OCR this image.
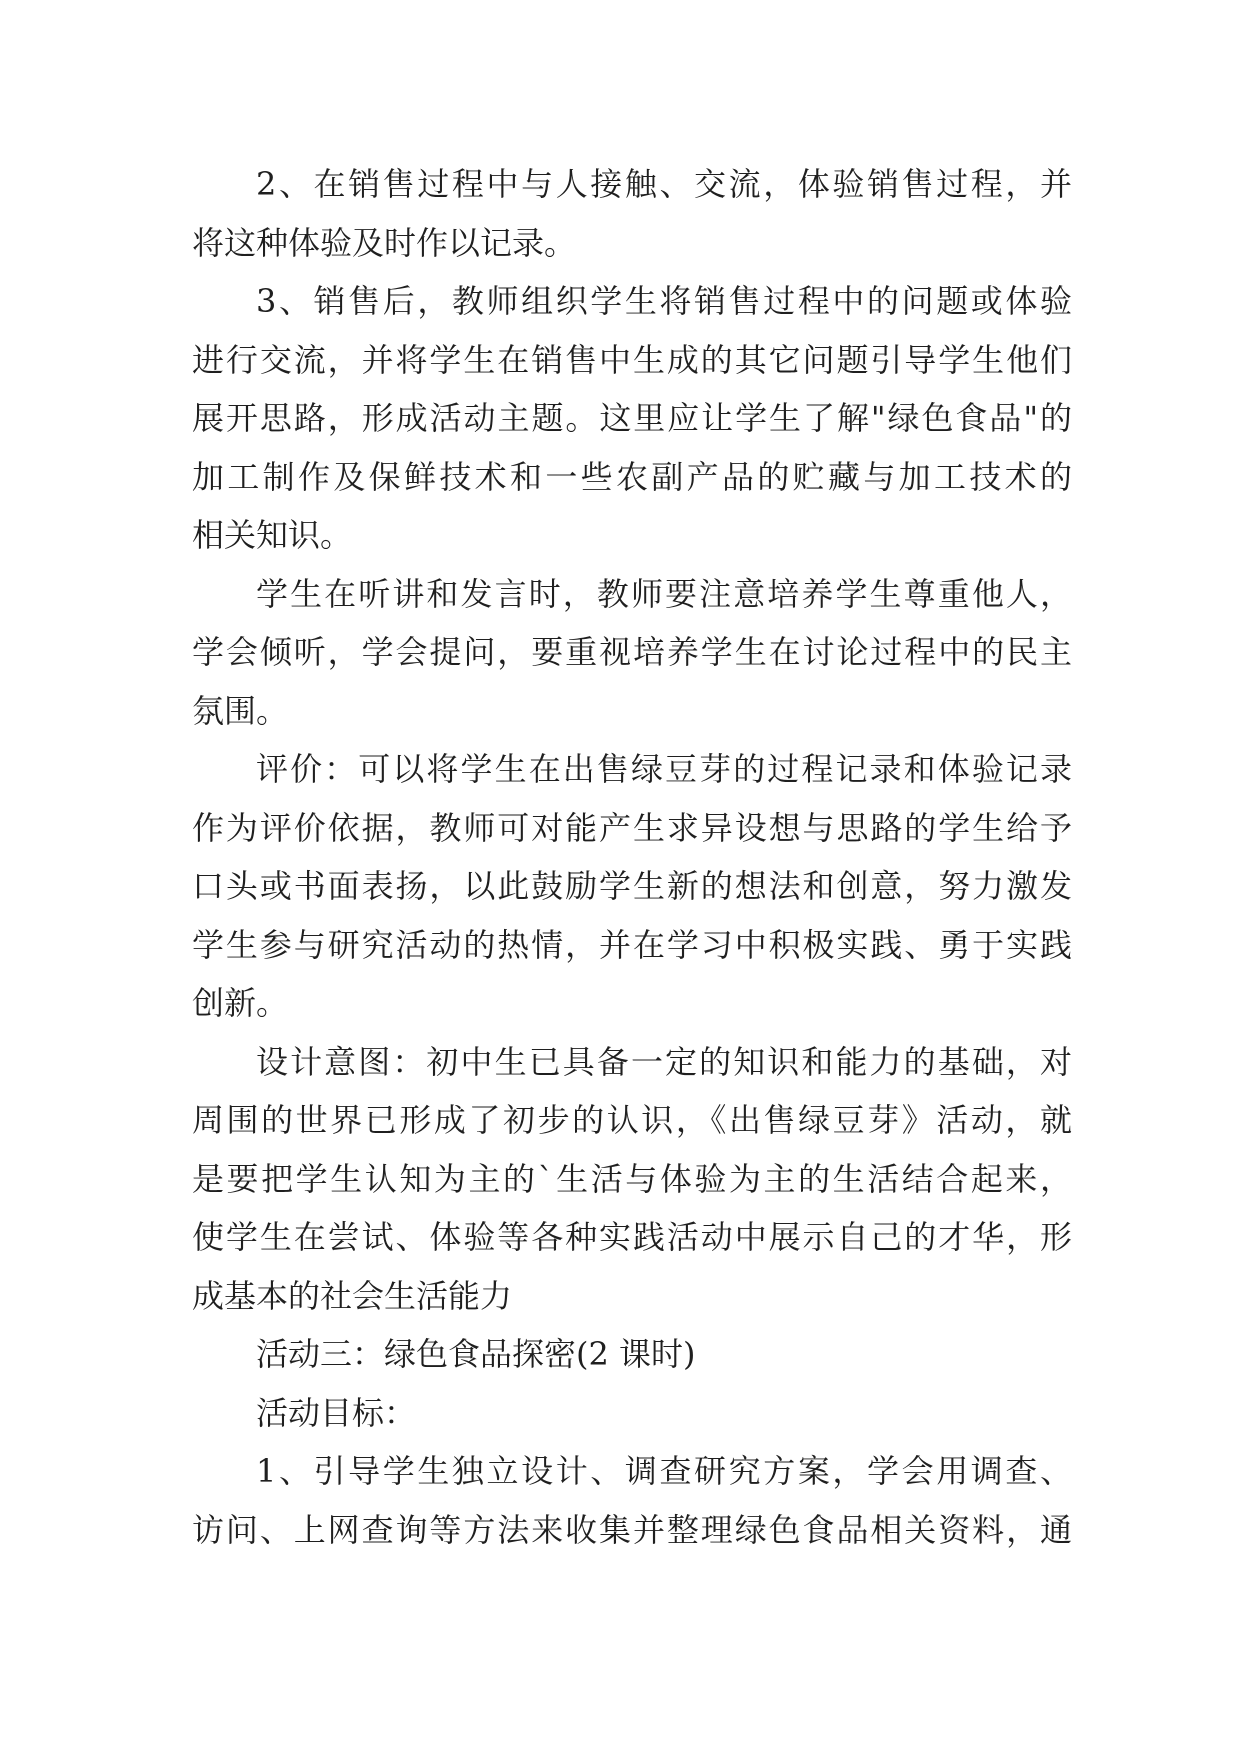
2、在销售过程中与人接触、交流，体验销售过程，并
将这种体验及时作以记录。
3、销售后，教师组织学生将销售过程中的问题或体验
进行交流，并将学生在销售中生成的其它问题引导学生他们
展开思路，形成活动主题。这里应让学生了解"绿色食品"的
加工制作及保鲜技术和一些农副产品的贮藏与加工技术的
相关知识。
学生在听讲和发言时，教师要注意培养学生尊重他人，
学会倾听，学会提问，要重视培养学生在讨论过程中的民主
氛围。
评价：可以将学生在出售绿豆芽的过程记录和体验记录
作为评价依据，教师可对能产生求异设想与思路的学生给予
口头或书面表扬，以此鼓励学生新的想法和创意，努力激发
学生参与研究活动的热情，并在学习中积极实践、勇于实践
创新。
设计意图：初中生已具备一定的知识和能力的基础，对
周围的世界已形成了初步的认识，《出售绿豆芽》活动，就
是要把学生认知为主的`生活与体验为主的生活结合起来，
使学生在尝试、体验等各种实践活动中展示自己的才华，形
成基本的社会生活能力
活动三：绿色食品探密(2 课时)
活动目标：
1、引导学生独立设计、调查研究方案，学会用调查、
访问、上网查询等方法来收集并整理绿色食品相关资料，通
